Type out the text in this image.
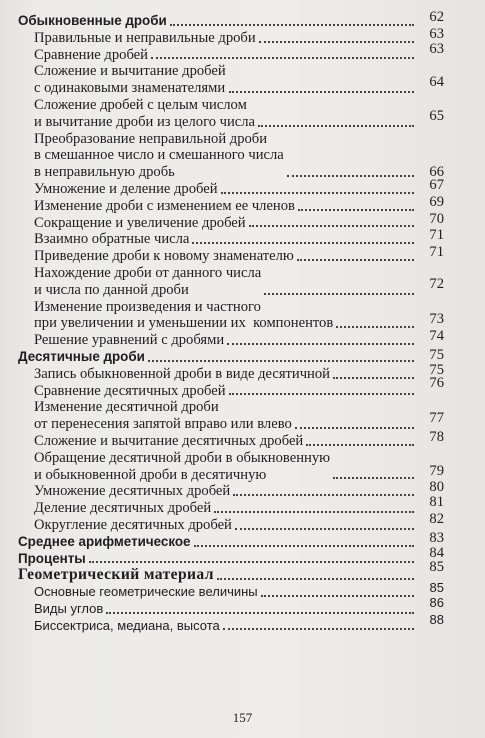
Обыкновенные дроби	62
Правильные и неправильные дроби	63
Сравнение дробей	63
Сложение и вычитание дробей
с одинаковыми знаменателями	64
Сложение дробей с целым числом
и вычитание дроби из целого числа	65
Преобразование неправильной дроби
в смешанное число и смешанного числа
в неправильную дробь	66
Умножение и деление дробей	67
Изменение дроби с изменением ее членов	69
Сокращение и увеличение дробей	70
Взаимно обратные числа	71
Приведение дроби к новому знаменателю	71
Нахождение дроби от данного числа
и числа по данной дроби	72
Изменение произведения и частного
при увеличении и уменьшении их  компонентов	73
Решение уравнений с дробями	74
Десятичные дроби	75
Запись обыкновенной дроби в виде десятичной	75
Сравнение десятичных дробей	76
Изменение десятичной дроби
от перенесения запятой вправо или влево	77
Сложение и вычитание десятичных дробей	78
Обращение десятичной дроби в обыкновенную
и обыкновенной дроби в десятичную	79
Умножение десятичных дробей	80
Деление десятичных дробей	81
Округление десятичных дробей	82
Среднее арифметическое	83
Проценты	84
Геометрический материал	85
Основные геометрические величины	85
Виды углов	86
Биссектриса, медиана, высота	88
157
